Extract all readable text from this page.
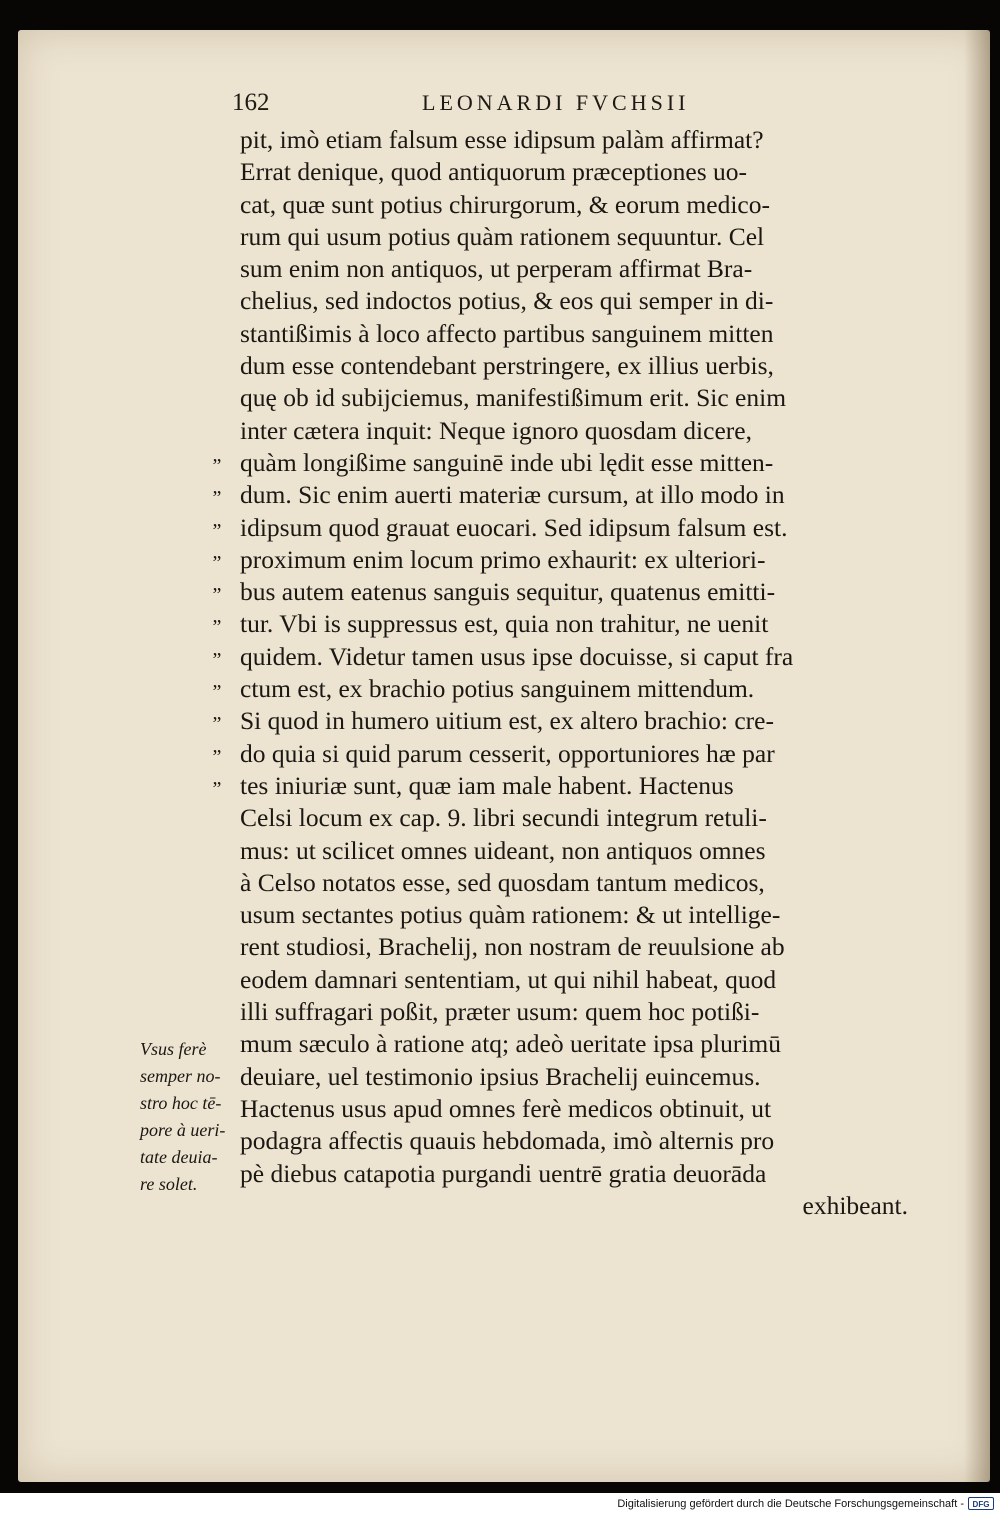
162	LEONARDI FVCHSII
”
”
”
”
”
”
”
”
”
”
”
pit, imò etiam falsum esse idipsum palàm affirmat?
Errat denique, quod antiquorum præceptiones uo-
cat, quæ sunt potius chirurgorum, & eorum medico-
rum qui usum potius quàm rationem sequuntur. Cel
sum enim non antiquos, ut perperam affirmat Bra-
chelius, sed indoctos potius, & eos qui semper in di-
stantißimis à loco affecto partibus sanguinem mitten
dum esse contendebant perstringere, ex illius uerbis,
quę ob id subijciemus, manifestißimum erit. Sic enim
inter cætera inquit: Neque ignoro quosdam dicere,
quàm longißime sanguinē inde ubi lędit esse mitten-
dum. Sic enim auerti materiæ cursum, at illo modo in
idipsum quod grauat euocari. Sed idipsum falsum est.
proximum enim locum primo exhaurit: ex ulteriori-
bus autem eatenus sanguis sequitur, quatenus emitti-
tur. Vbi is suppressus est, quia non trahitur, ne uenit
quidem. Videtur tamen usus ipse docuisse, si caput fra
ctum est, ex brachio potius sanguinem mittendum.
Si quod in humero uitium est, ex altero brachio: cre-
do quia si quid parum cesserit, opportuniores hæ par
tes iniuriæ sunt, quæ iam male habent. Hactenus
Celsi locum ex cap. 9. libri secundi integrum retuli-
mus: ut scilicet omnes uideant, non antiquos omnes
à Celso notatos esse, sed quosdam tantum medicos,
usum sectantes potius quàm rationem: & ut intellige-
rent studiosi, Brachelij, non nostram de reuulsione ab
eodem damnari sententiam, ut qui nihil habeat, quod
illi suffragari poßit, præter usum: quem hoc potißi-
mum sæculo à ratione atq; adeò ueritate ipsa plurimū
deuiare, uel testimonio ipsius Brachelij euincemus.
Hactenus usus apud omnes ferè medicos obtinuit, ut
podagra affectis quauis hebdomada, imò alternis pro
pè diebus catapotia purgandi uentrē gratia deuorāda
exhibeant.
Vsus ferè
semper no-
stro hoc tē-
pore à ueri-
tate deuia-
re solet.
Digitalisierung gefördert durch die Deutsche Forschungsgemeinschaft -	DFG
